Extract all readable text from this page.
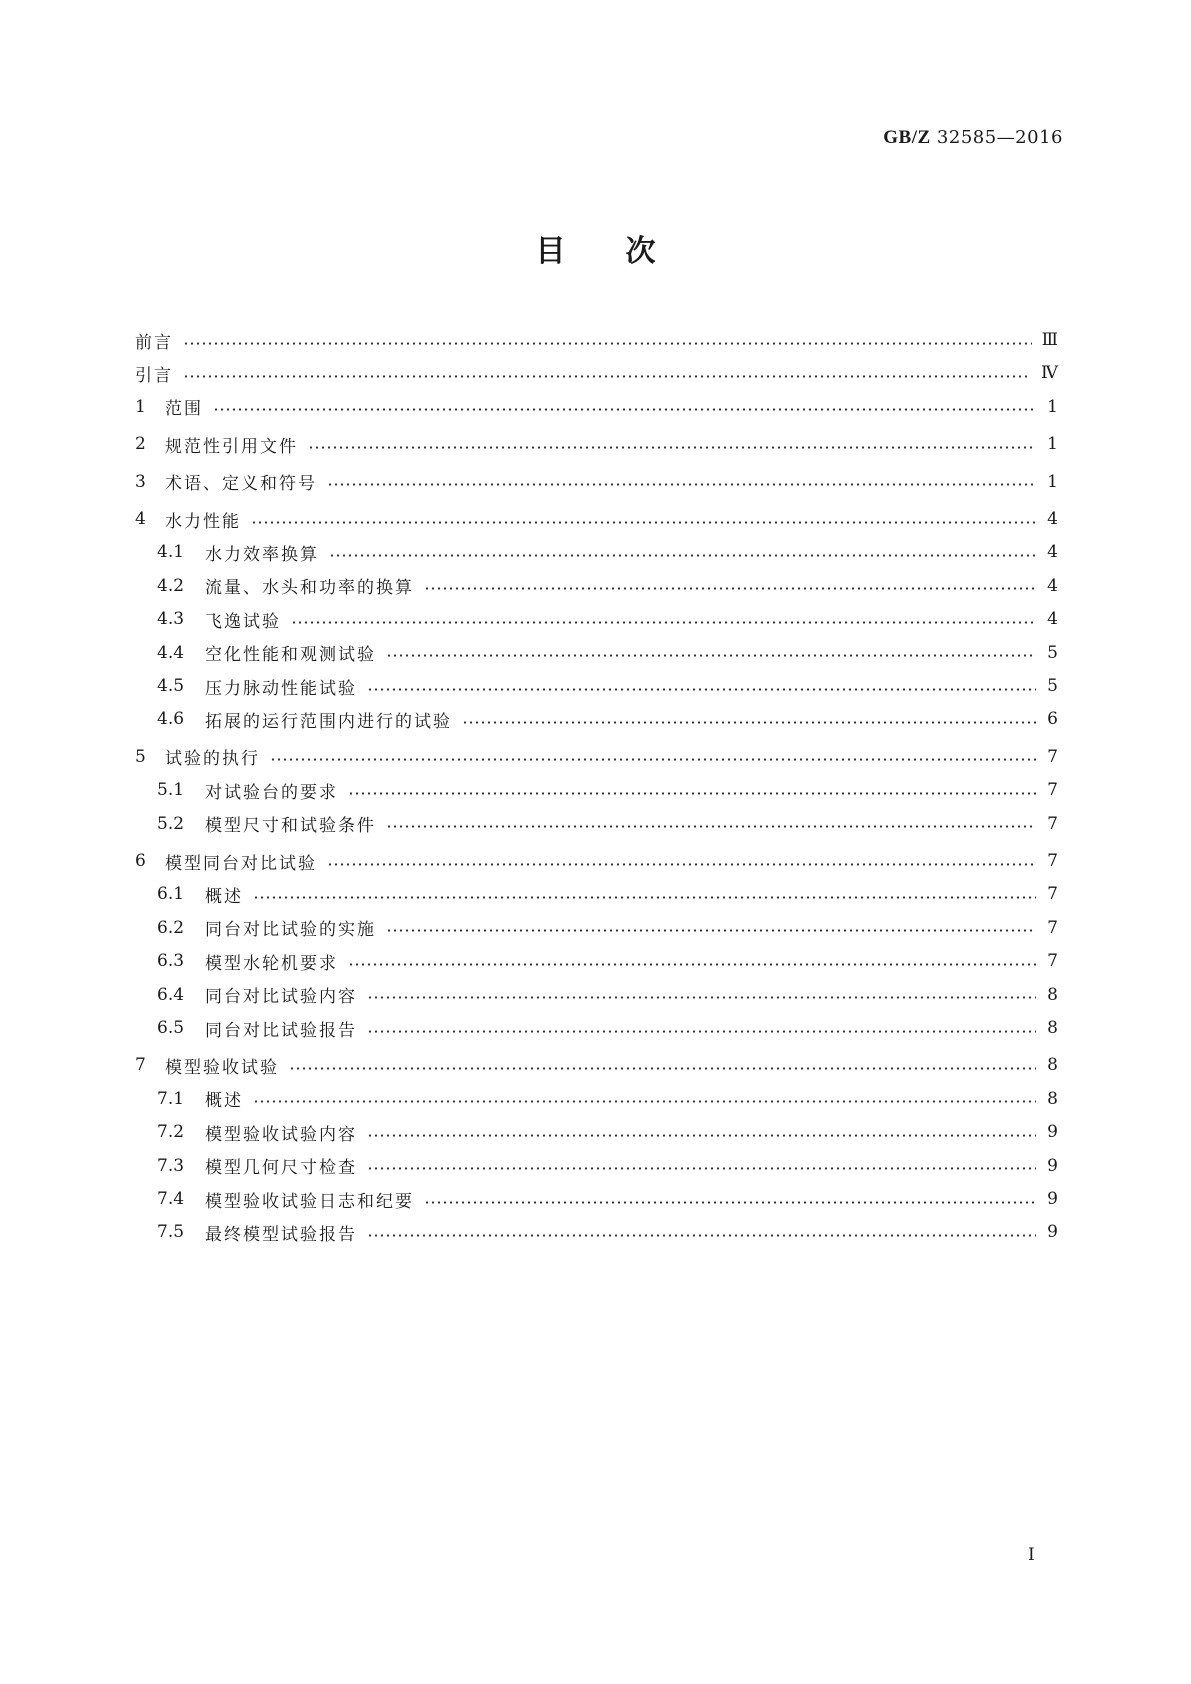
GB/Z 32585—2016
目次
前言	Ⅲ
引言	Ⅳ
1	范围	1
2	规范性引用文件	1
3	术语、定义和符号	1
4	水力性能	4
4.1	水力效率换算	4
4.2	流量、水头和功率的换算	4
4.3	飞逸试验	4
4.4	空化性能和观测试验	5
4.5	压力脉动性能试验	5
4.6	拓展的运行范围内进行的试验	6
5	试验的执行	7
5.1	对试验台的要求	7
5.2	模型尺寸和试验条件	7
6	模型同台对比试验	7
6.1	概述	7
6.2	同台对比试验的实施	7
6.3	模型水轮机要求	7
6.4	同台对比试验内容	8
6.5	同台对比试验报告	8
7	模型验收试验	8
7.1	概述	8
7.2	模型验收试验内容	9
7.3	模型几何尺寸检查	9
7.4	模型验收试验日志和纪要	9
7.5	最终模型试验报告	9
I
